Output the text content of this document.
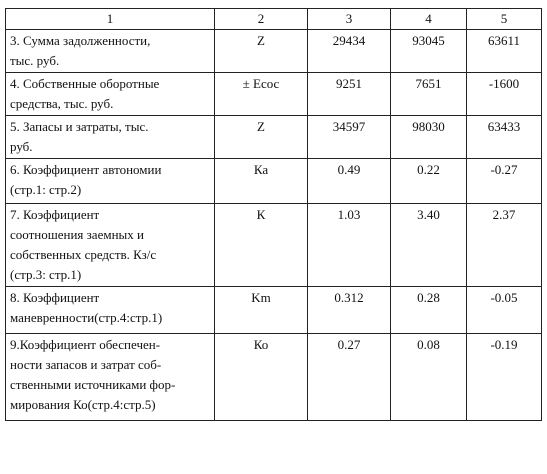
1	2	3	4	5

3. Сумма задолженности,
тыс. руб.	Z	29434	93045	63611

4. Собственные оборотные
средства, тыс. руб.	± Eсос	9251	7651	-1600

5. Запасы и затраты, тыс.
руб.	Z	34597	98030	63433

6. Коэффициент автономии
(стр.1: стр.2)	Ка	0.49	0.22	-0.27

7. Коэффициент
соотношения заемных и
собственных средств. Кз/с
(стр.3: стр.1)	К	1.03	3.40	2.37

8. Коэффициент
маневренности(стр.4:стр.1)	Km	0.312	0.28	-0.05

9.Коэффициент обеспечен-
ности запасов и затрат соб-
ственными источниками фор-
мирования Ко(стр.4:стр.5)	Ко	0.27	0.08	-0.19
